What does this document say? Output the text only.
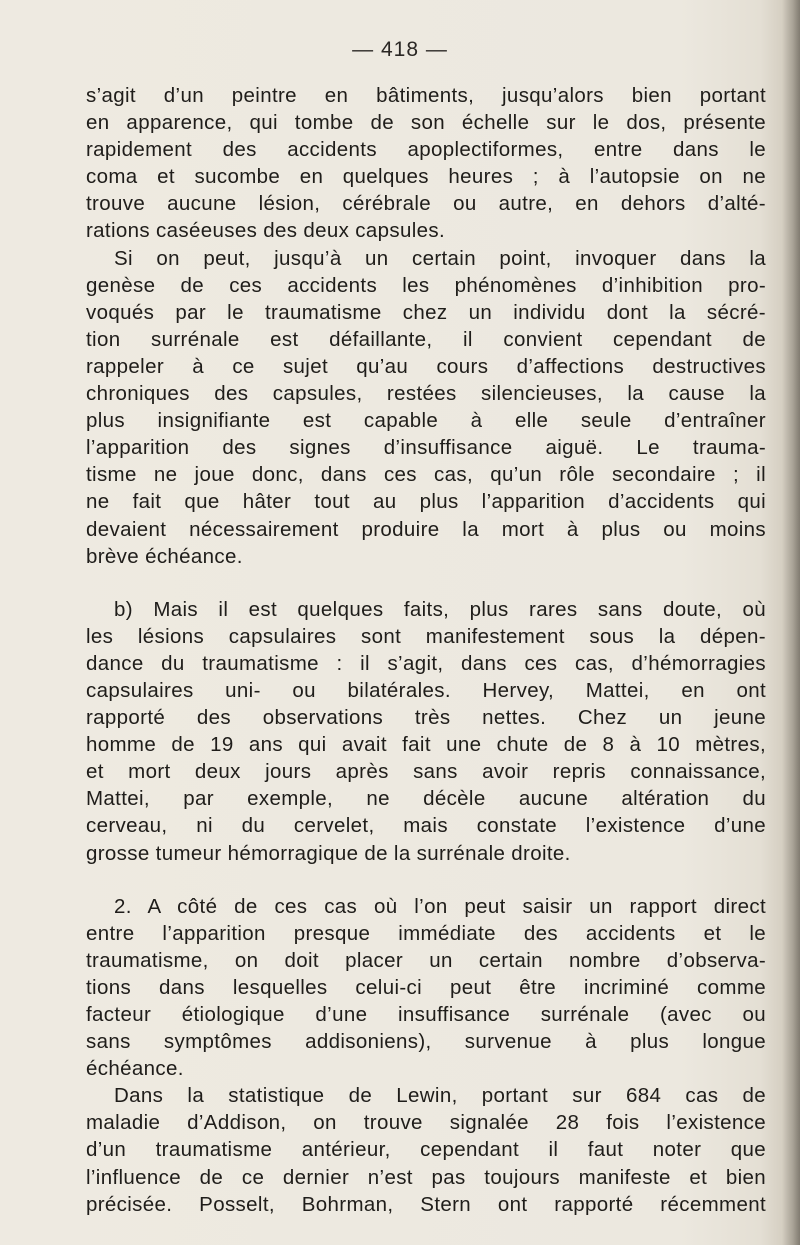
— 418 —
s’agit d’un peintre en bâtiments, jusqu’alors bien portant
en apparence, qui tombe de son échelle sur le dos, présente
rapidement des accidents apoplectiformes, entre dans le
coma et sucombe en quelques heures ; à l’autopsie on ne
trouve aucune lésion, cérébrale ou autre, en dehors d’alté-
rations caséeuses des deux capsules.
Si on peut, jusqu’à un certain point, invoquer dans la
genèse de ces accidents les phénomènes d’inhibition pro-
voqués par le traumatisme chez un individu dont la sécré-
tion surrénale est défaillante, il convient cependant de
rappeler à ce sujet qu’au cours d’affections destructives
chroniques des capsules, restées silencieuses, la cause la
plus insignifiante est capable à elle seule d’entraîner
l’apparition des signes d’insuffisance aiguë. Le trauma-
tisme ne joue donc, dans ces cas, qu’un rôle secondaire ; il
ne fait que hâter tout au plus l’apparition d’accidents qui
devaient nécessairement produire la mort à plus ou moins
brève échéance.
b) Mais il est quelques faits, plus rares sans doute, où
les lésions capsulaires sont manifestement sous la dépen-
dance du traumatisme : il s’agit, dans ces cas, d’hémorragies
capsulaires uni- ou bilatérales. Hervey, Mattei, en ont
rapporté des observations très nettes. Chez un jeune
homme de 19 ans qui avait fait une chute de 8 à 10 mètres,
et mort deux jours après sans avoir repris connaissance,
Mattei, par exemple, ne décèle aucune altération du
cerveau, ni du cervelet, mais constate l’existence d’une
grosse tumeur hémorragique de la surrénale droite.
2. A côté de ces cas où l’on peut saisir un rapport direct
entre l’apparition presque immédiate des accidents et le
traumatisme, on doit placer un certain nombre d’observa-
tions dans lesquelles celui-ci peut être incriminé comme
facteur étiologique d’une insuffisance surrénale (avec ou
sans symptômes addisoniens), survenue à plus longue
échéance.
Dans la statistique de Lewin, portant sur 684 cas de
maladie d’Addison, on trouve signalée 28 fois l’existence
d’un traumatisme antérieur, cependant il faut noter que
l’influence de ce dernier n’est pas toujours manifeste et bien
précisée. Posselt, Bohrman, Stern ont rapporté récemment
